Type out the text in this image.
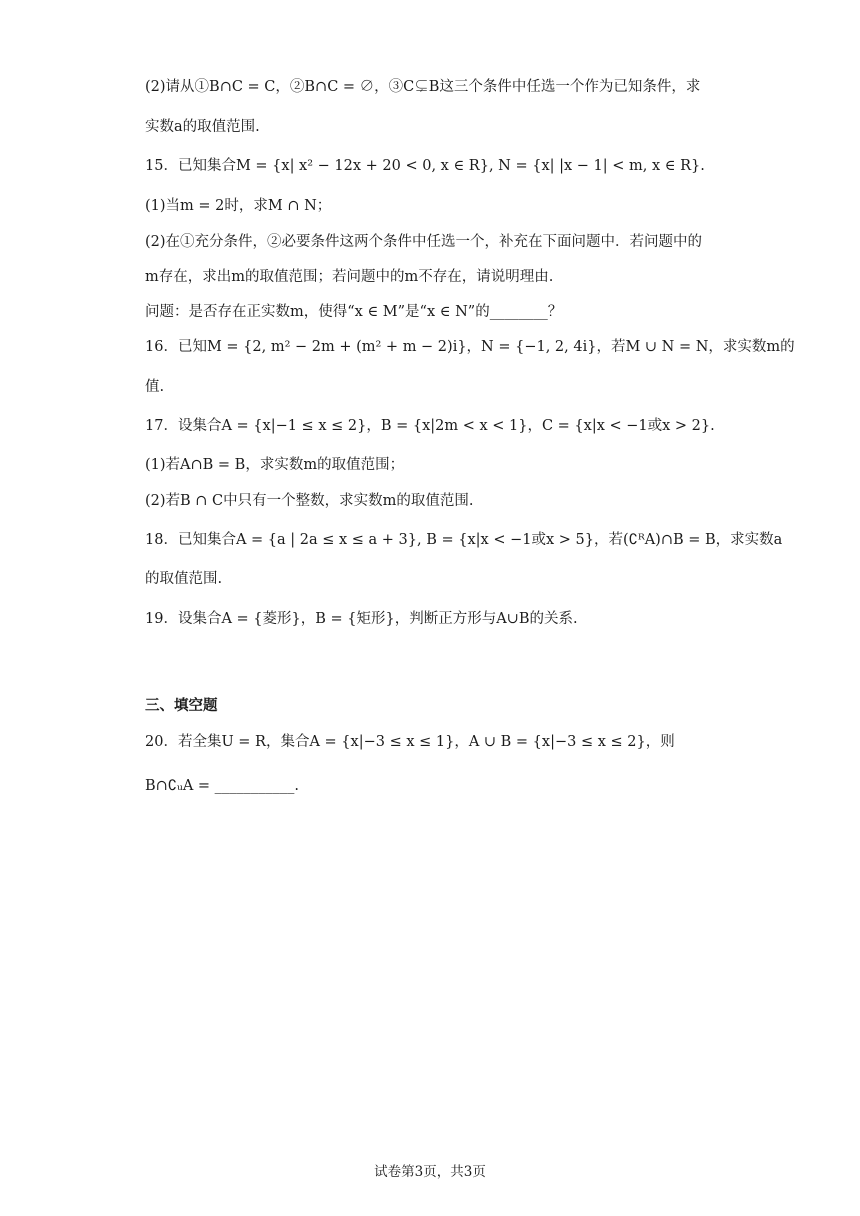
(2)请从①B∩C = C，②B∩C = ∅，③C⊊B这三个条件中任选一个作为已知条件，求
实数a的取值范围.
15．已知集合M = {x| x² − 12x + 20 < 0, x ∈ R}, N = {x| |x − 1| < m, x ∈ R}.
(1)当m = 2时，求M ∩ N；
(2)在①充分条件，②必要条件这两个条件中任选一个，补充在下面问题中．若问题中的
m存在，求出m的取值范围；若问题中的m不存在，请说明理由.
问题：是否存在正实数m，使得“x ∈ M”是“x ∈ N”的________？
16．已知M = {2, m² − 2m + (m² + m − 2)i}，N = {−1, 2, 4i}，若M ∪ N = N，求实数m的
值.
17．设集合A = {x|−1 ≤ x ≤ 2}，B = {x|2m < x < 1}，C = {x|x < −1或x > 2}.
(1)若A∩B = B，求实数m的取值范围；
(2)若B ∩ C中只有一个整数，求实数m的取值范围.
18．已知集合A = {a | 2a ≤ x ≤ a + 3}, B = {x|x < −1或x > 5}，若(∁ᴿA)∩B = B，求实数a
的取值范围.
19．设集合A = {菱形}，B = {矩形}，判断正方形与A∪B的关系.
三、填空题
20．若全集U = R，集合A = {x|−3 ≤ x ≤ 1}，A ∪ B = {x|−3 ≤ x ≤ 2}，则
B∩∁ᵤA = ___________.
试卷第3页，共3页
